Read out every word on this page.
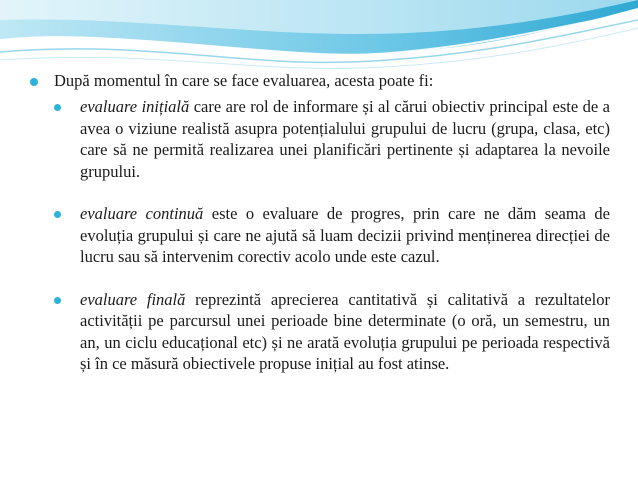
După momentul în care se face evaluarea, acesta poate fi:

evaluare inițială care are rol de informare și al cărui obiectiv principal este de a avea o viziune realistă asupra potențialului grupului de lucru (grupa, clasa, etc) care să ne permită realizarea unei planificări pertinente și adaptarea la nevoile grupului.
evaluare continuă este o evaluare de progres, prin care ne dăm seama de evoluția grupului și care ne ajută să luam decizii privind menținerea direcției de lucru sau să intervenim corectiv acolo unde este cazul.
evaluare finală reprezintă aprecierea cantitativă și calitativă a rezultatelor activității pe parcursul unei perioade bine determinate (o oră, un semestru, un an, un ciclu educațional etc) și ne arată evoluția grupului pe perioada respectivă și în ce măsură obiectivele propuse inițial au fost atinse.
